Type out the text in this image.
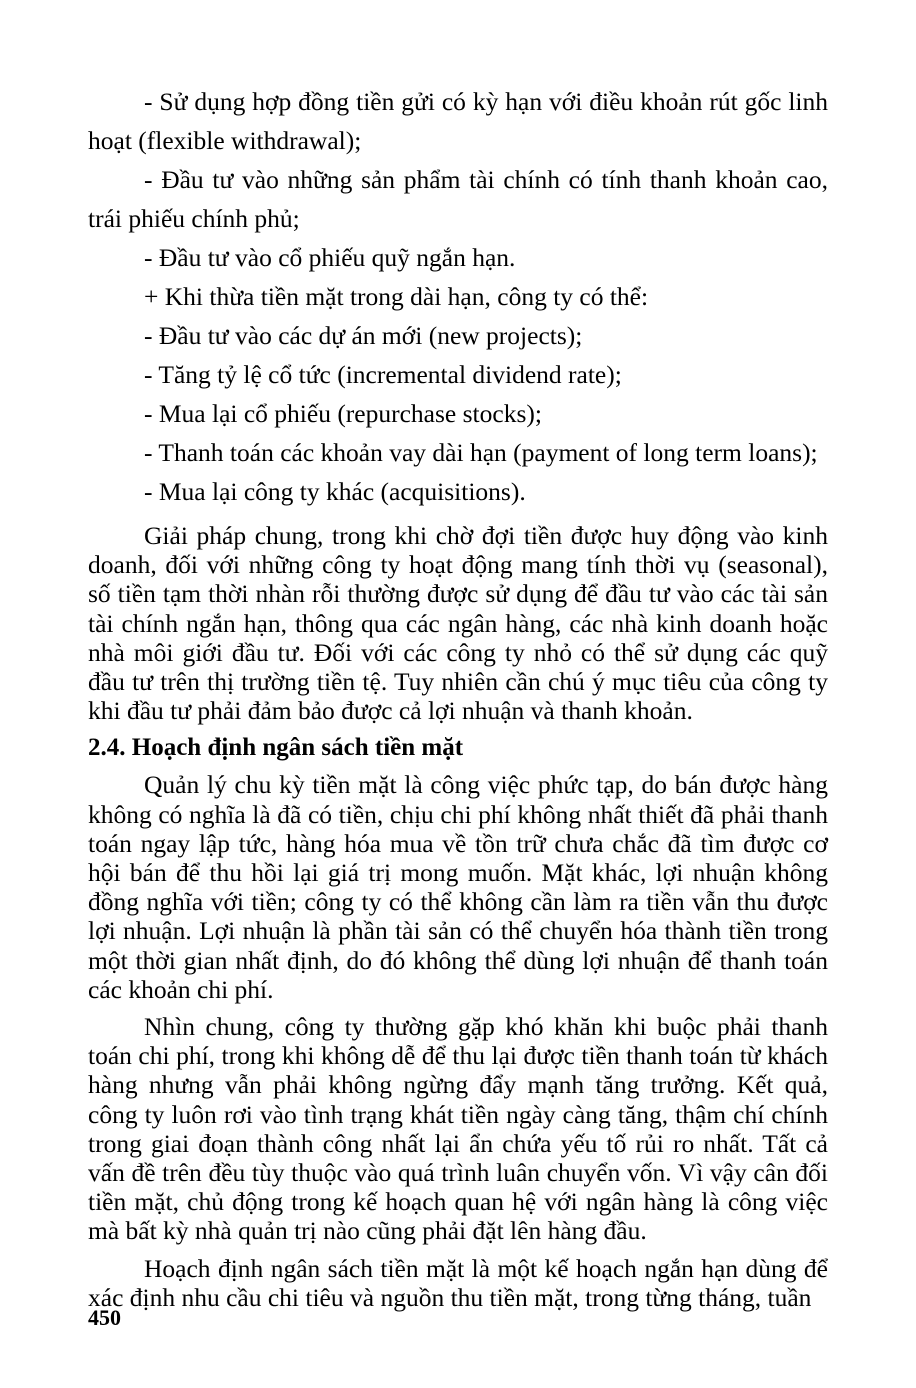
- Sử dụng hợp đồng tiền gửi có kỳ hạn với điều khoản rút gốc linh hoạt (flexible withdrawal);

- Đầu tư vào những sản phẩm tài chính có tính thanh khoản cao, trái phiếu chính phủ;

- Đầu tư vào cổ phiếu quỹ ngắn hạn.

+ Khi thừa tiền mặt trong dài hạn, công ty có thể:

- Đầu tư vào các dự án mới (new projects);

- Tăng tỷ lệ cổ tức (incremental dividend rate);

- Mua lại cổ phiếu (repurchase stocks);

- Thanh toán các khoản vay dài hạn (payment of long term loans);

- Mua lại công ty khác (acquisitions).

Giải pháp chung, trong khi chờ đợi tiền được huy động vào kinh doanh, đối với những công ty hoạt động mang tính thời vụ (seasonal), số tiền tạm thời nhàn rỗi thường được sử dụng để đầu tư vào các tài sản tài chính ngắn hạn, thông qua các ngân hàng, các nhà kinh doanh hoặc nhà môi giới đầu tư. Đối với các công ty nhỏ có thể sử dụng các quỹ đầu tư trên thị trường tiền tệ. Tuy nhiên cần chú ý mục tiêu của công ty khi đầu tư phải đảm bảo được cả lợi nhuận và thanh khoản.

2.4. Hoạch định ngân sách tiền mặt

Quản lý chu kỳ tiền mặt là công việc phức tạp, do bán được hàng không có nghĩa là đã có tiền, chịu chi phí không nhất thiết đã phải thanh toán ngay lập tức, hàng hóa mua về tồn trữ chưa chắc đã tìm được cơ hội bán để thu hồi lại giá trị mong muốn. Mặt khác, lợi nhuận không đồng nghĩa với tiền; công ty có thể không cần làm ra tiền vẫn thu được lợi nhuận. Lợi nhuận là phần tài sản có thể chuyển hóa thành tiền trong một thời gian nhất định, do đó không thể dùng lợi nhuận để thanh toán các khoản chi phí.

Nhìn chung, công ty thường gặp khó khăn khi buộc phải thanh toán chi phí, trong khi không dễ để thu lại được tiền thanh toán từ khách hàng nhưng vẫn phải không ngừng đẩy mạnh tăng trưởng. Kết quả, công ty luôn rơi vào tình trạng khát tiền ngày càng tăng, thậm chí chính trong giai đoạn thành công nhất lại ẩn chứa yếu tố rủi ro nhất. Tất cả vấn đề trên đều tùy thuộc vào quá trình luân chuyển vốn. Vì vậy cân đối tiền mặt, chủ động trong kế hoạch quan hệ với ngân hàng là công việc mà bất kỳ nhà quản trị nào cũng phải đặt lên hàng đầu.

Hoạch định ngân sách tiền mặt là một kế hoạch ngắn hạn dùng để xác định nhu cầu chi tiêu và nguồn thu tiền mặt, trong từng tháng, tuần

450
